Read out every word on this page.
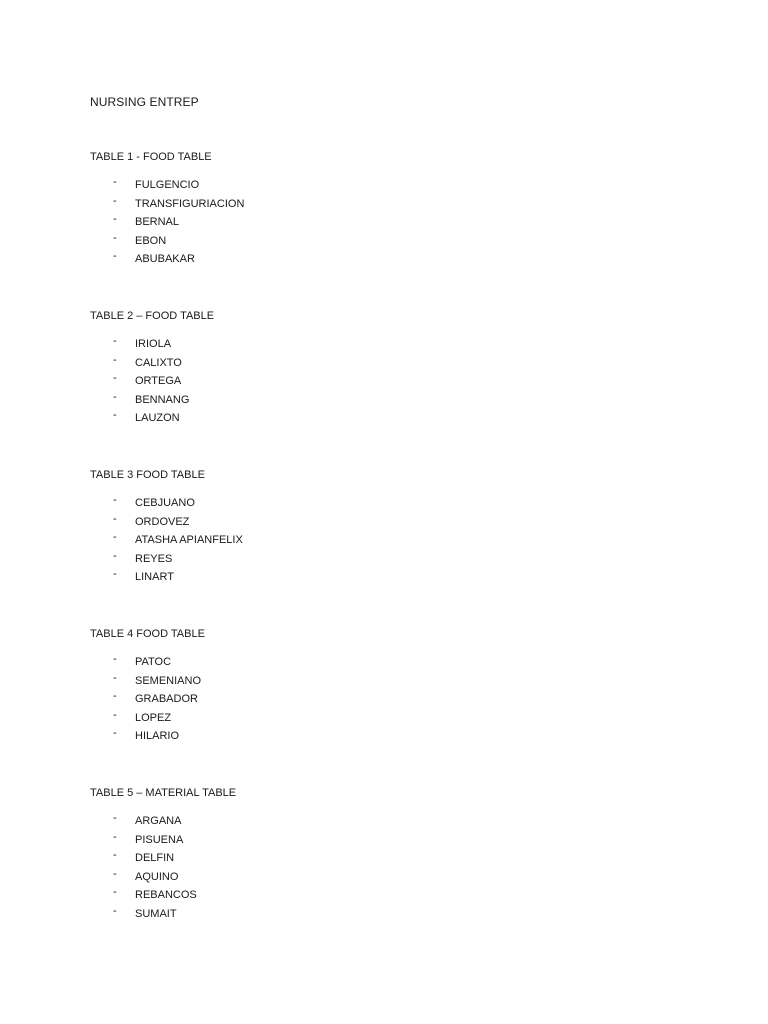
NURSING ENTREP
TABLE 1 - FOOD TABLE
- FULGENCIO
- TRANSFIGURIACION
- BERNAL
- EBON
- ABUBAKAR
TABLE 2 – FOOD TABLE
- IRIOLA
- CALIXTO
- ORTEGA
- BENNANG
- LAUZON
TABLE 3 FOOD TABLE
- CEBJUANO
- ORDOVEZ
- ATASHA APIANFELIX
- REYES
- LINART
TABLE 4 FOOD TABLE
- PATOC
- SEMENIANO
- GRABADOR
- LOPEZ
- HILARIO
TABLE 5 – MATERIAL TABLE
- ARGANA
- PISUENA
- DELFIN
- AQUINO
- REBANCOS
- SUMAIT
